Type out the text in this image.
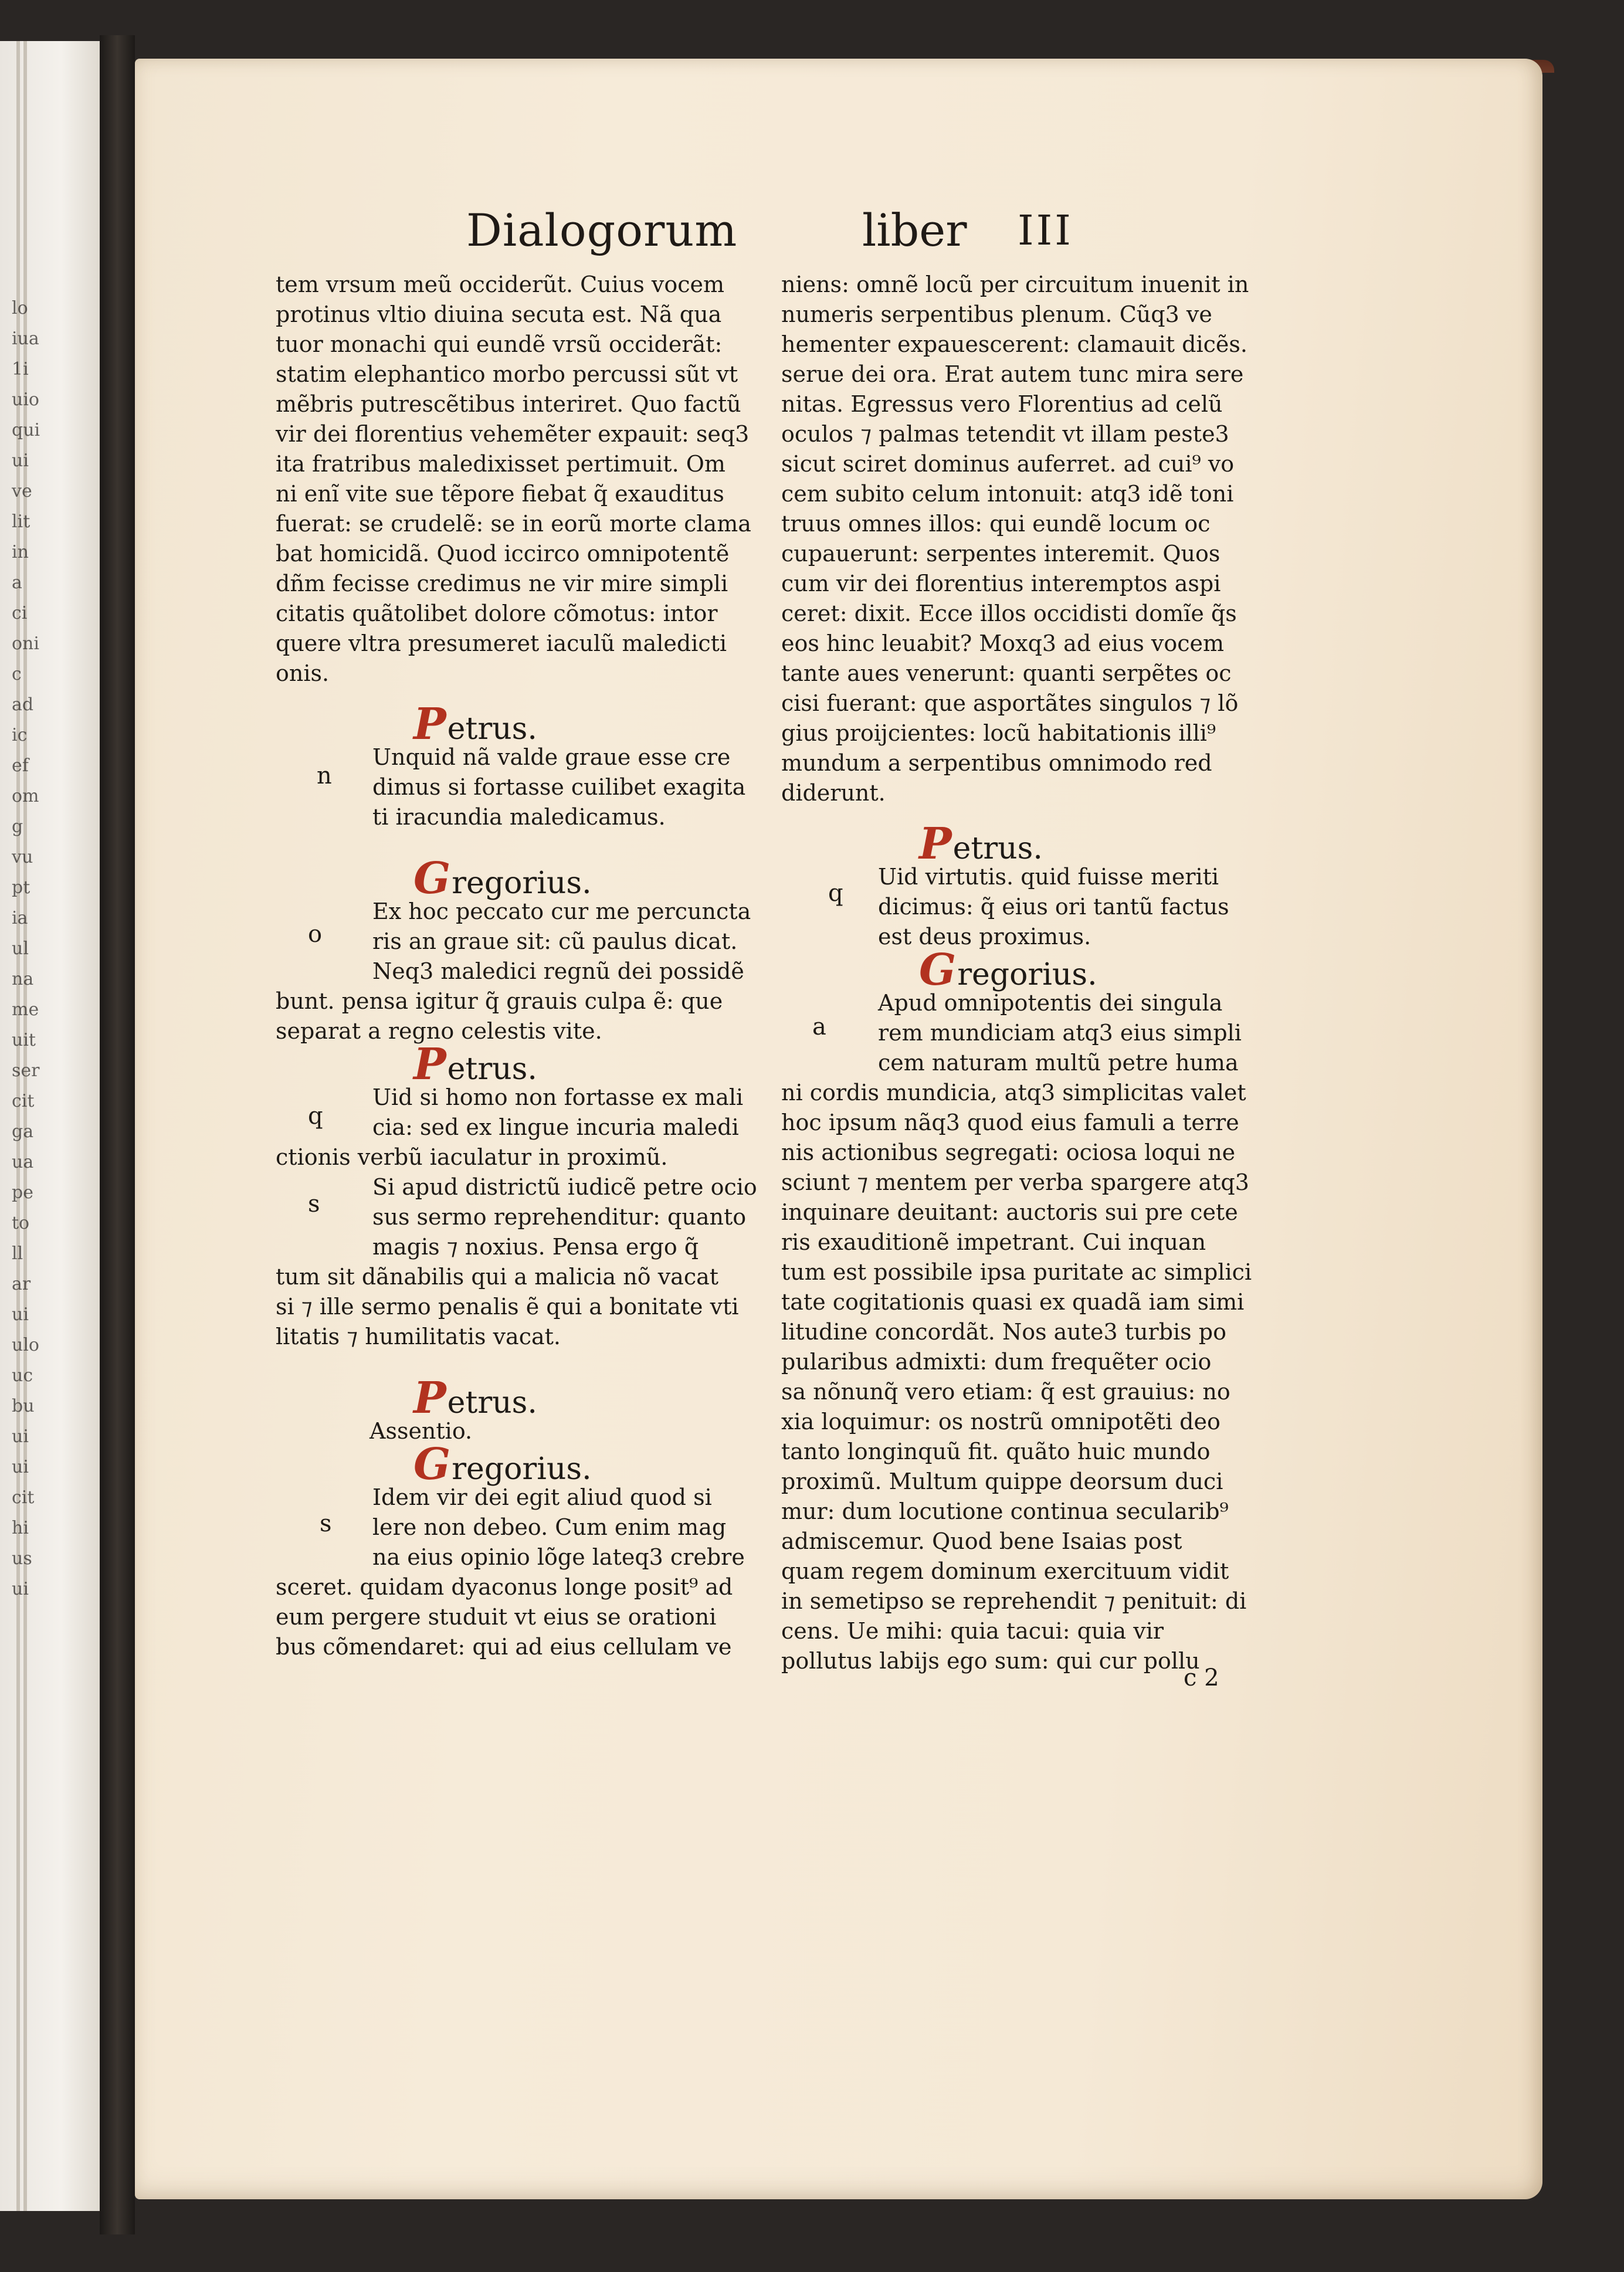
lo
iua
1i
uio
qui
ui
ve
lit
in
a
ci
oni
c
ad
ic
ef
om
g
vu
pt
ia
ul
na
me
uit
ser
cit
ga
ua
pe
to
ll
ar
ui
ulo
uc
bu
ui
ui
cit
hi
us
ui
Dialogorum	liber III
tem vrsum meũ occiderũt. Cuius vocem
protinus vltio diuina secuta est. Nã qua
tuor monachi qui eundẽ vrsũ occiderãt:
statim elephantico morbo percussi sũt vt
mẽbris putrescẽtibus interiret. Quo factũ
vir dei florentius vehemẽter expauit: seq3
ita fratribus maledixisset pertimuit. Om
ni enĩ vite sue tẽpore fiebat q̃ exauditus
fuerat: se crudelẽ: se in eorũ morte clama
bat homicidã. Quod iccirco omnipotentẽ
dñm fecisse credimus ne vir mire simpli
citatis quãtolibet dolore cõmotus: intor
quere vltra presumeret iaculũ maledicti
onis.
Petrus.
Unquid nã valde graue esse cre
dimus si fortasse cuilibet exagita
ti iracundia maledicamus.
Gregorius.
Ex hoc peccato cur me percuncta
ris an graue sit: cũ paulus dicat.
Neq3 maledici regnũ dei possidẽ
bunt. pensa igitur q̃ grauis culpa ẽ: que
separat a regno celestis vite.
Petrus.
Uid si homo non fortasse ex mali
cia: sed ex lingue incuria maledi
ctionis verbũ iaculatur in proximũ.
Si apud districtũ iudicẽ petre ocio
sus sermo reprehenditur: quanto
magis ⁊ noxius. Pensa ergo q̃
tum sit dãnabilis qui a malicia nõ vacat
si ⁊ ille sermo penalis ẽ qui a bonitate vti
litatis ⁊ humilitatis vacat.
Petrus.
Assentio.
Gregorius.
Idem vir dei egit aliud quod si
lere non debeo. Cum enim mag
na eius opinio lõge lateq3 crebre
sceret. quidam dyaconus longe posit⁹ ad
eum pergere studuit vt eius se orationi
bus cõmendaret: qui ad eius cellulam ve
niens: omnẽ locũ per circuitum inuenit in
numeris serpentibus plenum. Cũq3 ve
hementer expauescerent: clamauit dicẽs.
serue dei ora. Erat autem tunc mira sere
nitas. Egressus vero Florentius ad celũ
oculos ⁊ palmas tetendit vt illam peste3
sicut sciret dominus auferret. ad cui⁹ vo
cem subito celum intonuit: atq3 idẽ toni
truus omnes illos: qui eundẽ locum oc
cupauerunt: serpentes interemit. Quos
cum vir dei florentius interemptos aspi
ceret: dixit. Ecce illos occidisti domĩe q̃s
eos hinc leuabit? Moxq3 ad eius vocem
tante aues venerunt: quanti serpẽtes oc
cisi fuerant: que asportãtes singulos ⁊ lõ
gius proijcientes: locũ habitationis illi⁹
mundum a serpentibus omnimodo red
diderunt.
Petrus.
Uid virtutis. quid fuisse meriti
dicimus: q̃ eius ori tantũ factus
est deus proximus.
Gregorius.
Apud omnipotentis dei singula
rem mundiciam atq3 eius simpli
cem naturam multũ petre huma
ni cordis mundicia, atq3 simplicitas valet
hoc ipsum nãq3 quod eius famuli a terre
nis actionibus segregati: ociosa loqui ne
sciunt ⁊ mentem per verba spargere atq3
inquinare deuitant: auctoris sui pre cete
ris exauditionẽ impetrant. Cui inquan
tum est possibile ipsa puritate ac simplici
tate cogitationis quasi ex quadã iam simi
litudine concordãt. Nos aute3 turbis po
pularibus admixti: dum frequẽter ocio
sa nõnunq̃ vero etiam: q̃ est grauius: no
xia loquimur: os nostrũ omnipotẽti deo
tanto longinquũ fit. quãto huic mundo
proximũ. Multum quippe deorsum duci
mur: dum locutione continua secularib⁹
admiscemur. Quod bene Isaias post
quam regem dominum exercituum vidit
in semetipso se reprehendit ⁊ penituit: di
cens. Ue mihi: quia tacui: quia vir
pollutus labijs ego sum: qui cur pollu
n
o
q
s
s
q
a
c 2
